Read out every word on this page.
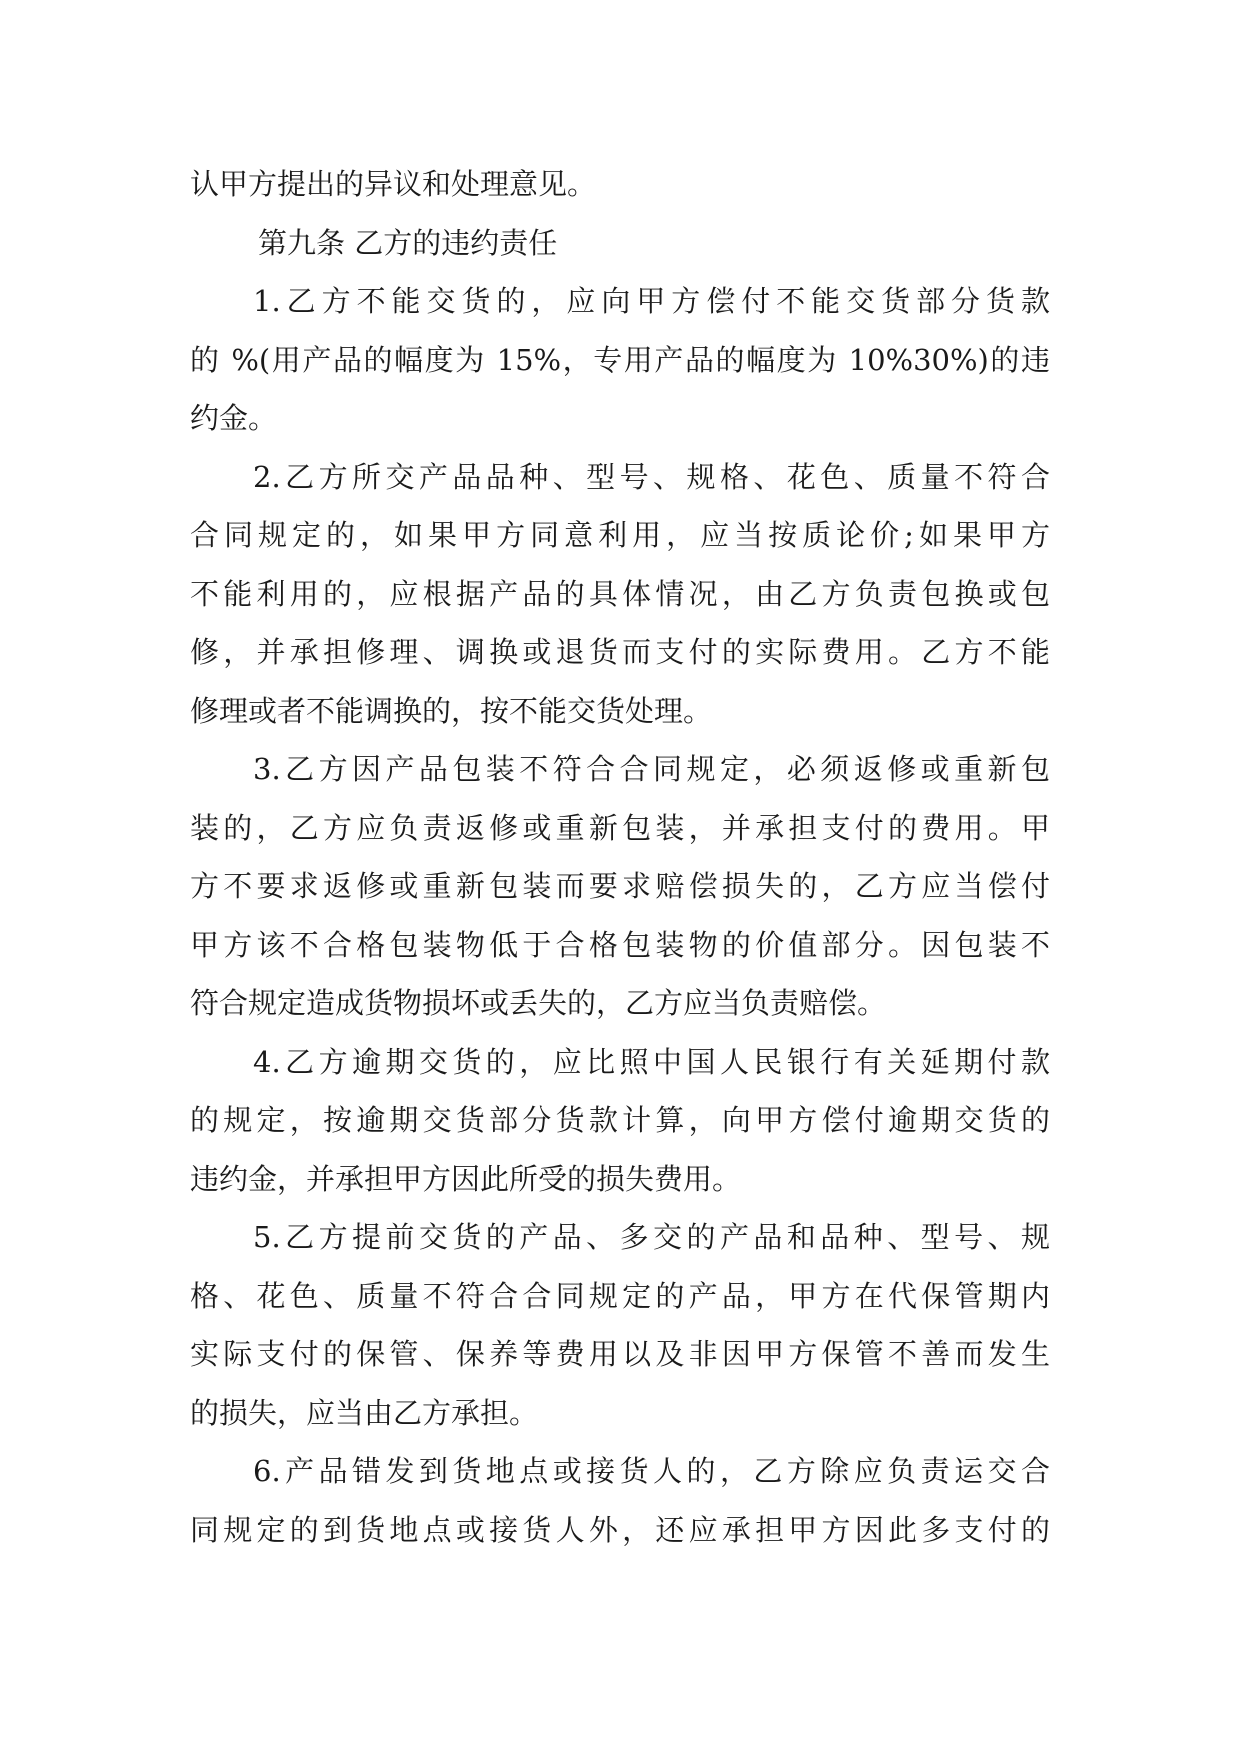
认甲方提出的异议和处理意见。
第九条 乙方的违约责任
1.乙方不能交货的，应向甲方偿付不能交货部分货款
的 %(用产品的幅度为 15%，专用产品的幅度为 10%30%)的违
约金。
2.乙方所交产品品种、型号、规格、花色、质量不符合
合同规定的，如果甲方同意利用，应当按质论价;如果甲方
不能利用的，应根据产品的具体情况，由乙方负责包换或包
修，并承担修理、调换或退货而支付的实际费用。乙方不能
修理或者不能调换的，按不能交货处理。
3.乙方因产品包装不符合合同规定，必须返修或重新包
装的，乙方应负责返修或重新包装，并承担支付的费用。甲
方不要求返修或重新包装而要求赔偿损失的，乙方应当偿付
甲方该不合格包装物低于合格包装物的价值部分。因包装不
符合规定造成货物损坏或丢失的，乙方应当负责赔偿。
4.乙方逾期交货的，应比照中国人民银行有关延期付款
的规定，按逾期交货部分货款计算，向甲方偿付逾期交货的
违约金，并承担甲方因此所受的损失费用。
5.乙方提前交货的产品、多交的产品和品种、型号、规
格、花色、质量不符合合同规定的产品，甲方在代保管期内
实际支付的保管、保养等费用以及非因甲方保管不善而发生
的损失，应当由乙方承担。
6.产品错发到货地点或接货人的，乙方除应负责运交合
同规定的到货地点或接货人外，还应承担甲方因此多支付的
